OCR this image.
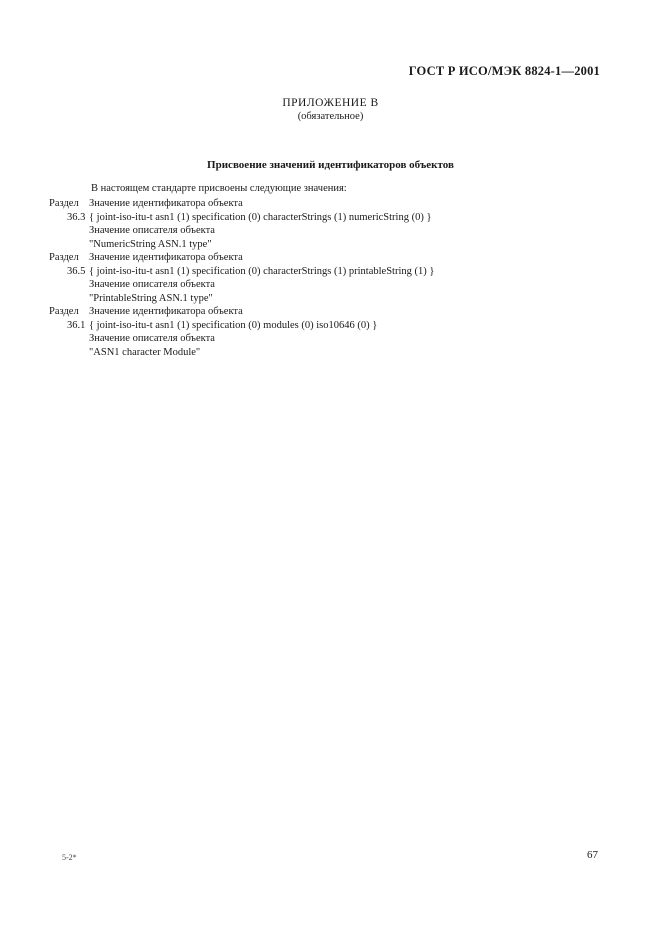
ГОСТ Р ИСО/МЭК 8824-1—2001
ПРИЛОЖЕНИЕ В
(обязательное)
Присвоение значений идентификаторов объектов
В настоящем стандарте присвоены следующие значения:
Раздел Значение идентификатора объекта
36.3 { joint-iso-itu-t asn1 (1) specification (0) characterStrings (1) numericString (0) }
Значение описателя объекта
"NumericString ASN.1 type"
Раздел Значение идентификатора объекта
36.5 { joint-iso-itu-t asn1 (1) specification (0) characterStrings (1) printableString (1) }
Значение описателя объекта
"PrintableString ASN.1 type"
Раздел Значение идентификатора объекта
36.1 { joint-iso-itu-t asn1 (1) specification (0) modules (0) iso10646 (0) }
Значение описателя объекта
"ASN1 character Module"
5-2*	67
